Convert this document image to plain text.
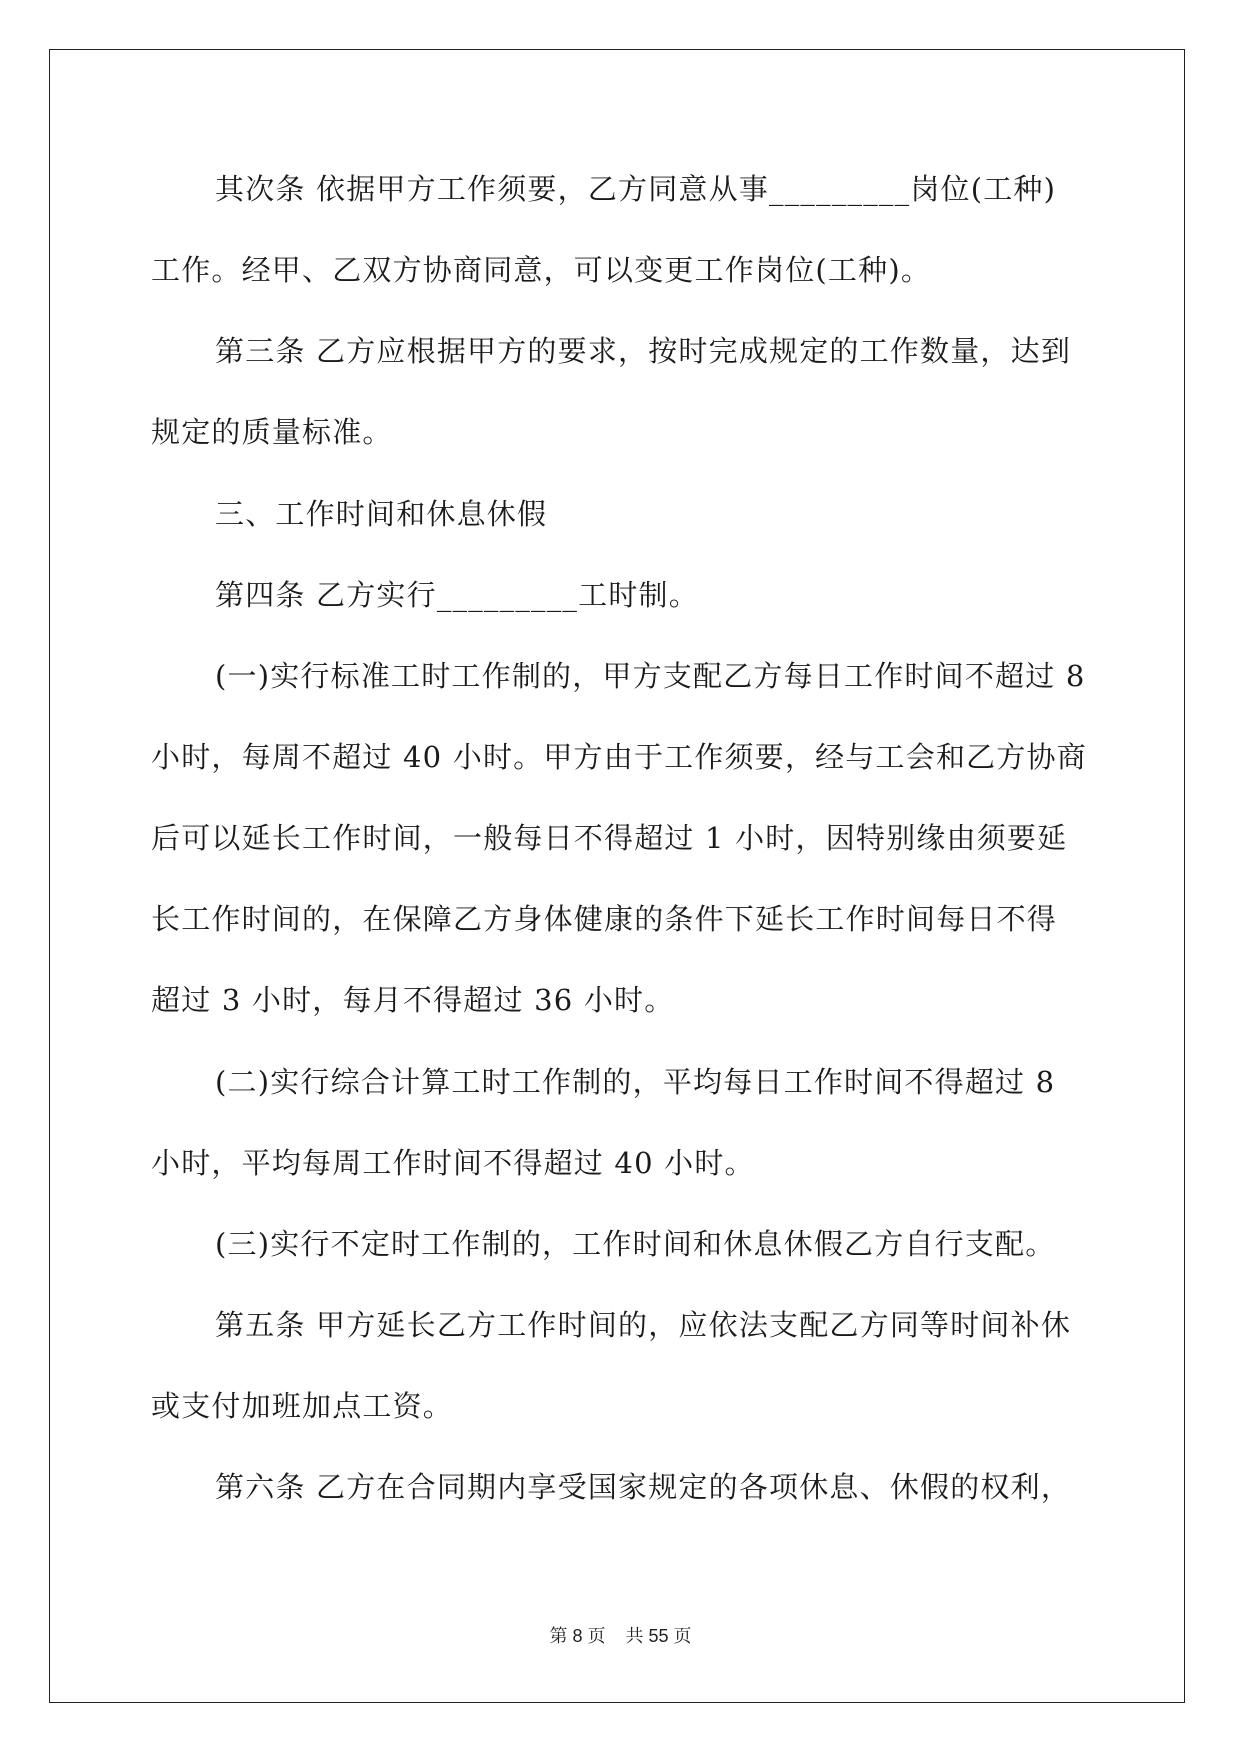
其次条 依据甲方工作须要，乙方同意从事_________岗位(工种)
工作。经甲、乙双方协商同意，可以变更工作岗位(工种)。
第三条 乙方应根据甲方的要求，按时完成规定的工作数量，达到
规定的质量标准。
三、工作时间和休息休假
第四条 乙方实行_________工时制。
(一)实行标准工时工作制的，甲方支配乙方每日工作时间不超过 8
小时，每周不超过 40 小时。甲方由于工作须要，经与工会和乙方协商
后可以延长工作时间，一般每日不得超过 1 小时，因特别缘由须要延
长工作时间的，在保障乙方身体健康的条件下延长工作时间每日不得
超过 3 小时，每月不得超过 36 小时。
(二)实行综合计算工时工作制的，平均每日工作时间不得超过 8
小时，平均每周工作时间不得超过 40 小时。
(三)实行不定时工作制的，工作时间和休息休假乙方自行支配。
第五条 甲方延长乙方工作时间的，应依法支配乙方同等时间补休
或支付加班加点工资。
第六条 乙方在合同期内享受国家规定的各项休息、休假的权利，
第 8 页 共 55 页
